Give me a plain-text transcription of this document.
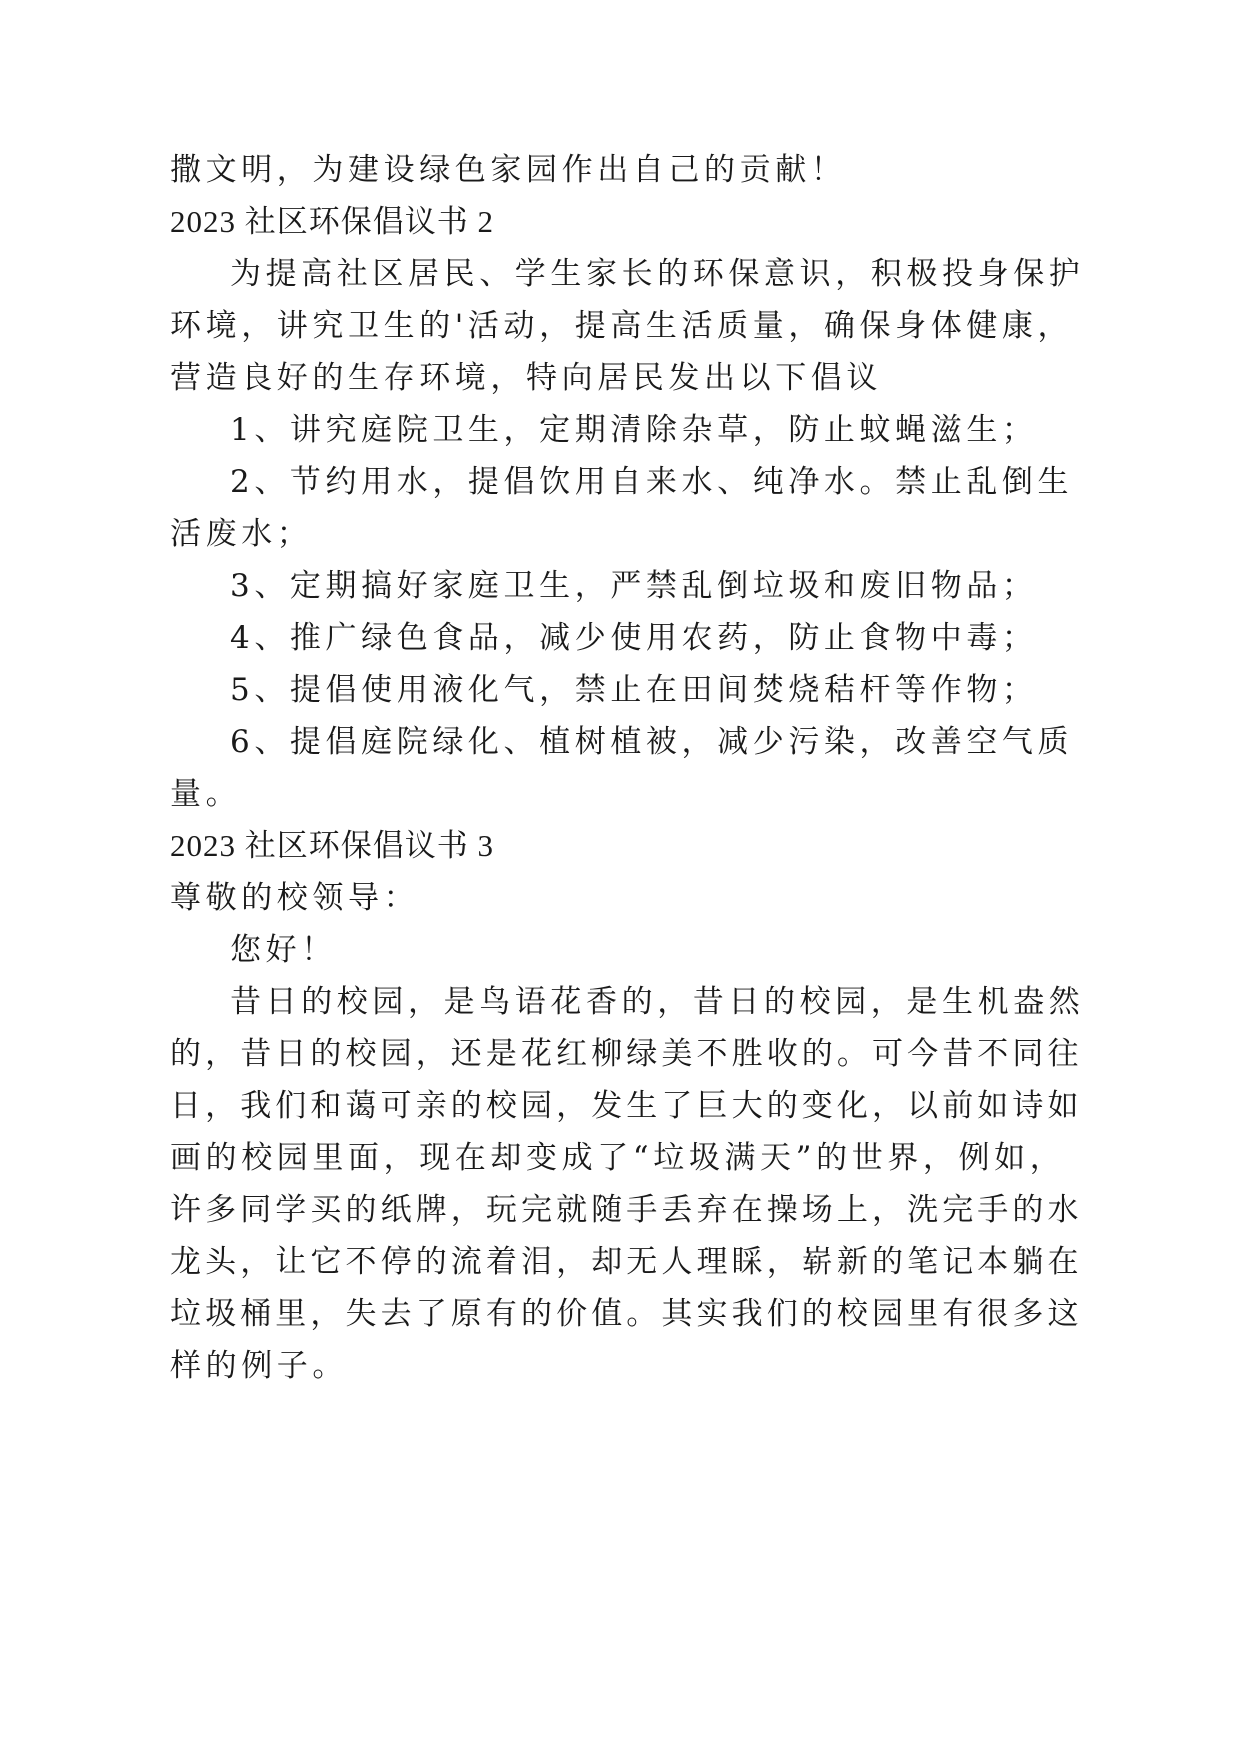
撒文明，为建设绿色家园作出自己的贡献！
2023 社区环保倡议书 2
为提高社区居民、学生家长的环保意识，积极投身保护
环境，讲究卫生的'活动，提高生活质量，确保身体健康，
营造良好的生存环境，特向居民发出以下倡议
1、讲究庭院卫生，定期清除杂草，防止蚊蝇滋生；
2、节约用水，提倡饮用自来水、纯净水。禁止乱倒生
活废水；
3、定期搞好家庭卫生，严禁乱倒垃圾和废旧物品；
4、推广绿色食品，减少使用农药，防止食物中毒；
5、提倡使用液化气，禁止在田间焚烧秸杆等作物；
6、提倡庭院绿化、植树植被，减少污染，改善空气质
量。
2023 社区环保倡议书 3
尊敬的校领导：
您好！
昔日的校园，是鸟语花香的，昔日的校园，是生机盎然
的，昔日的校园，还是花红柳绿美不胜收的。可今昔不同往
日，我们和蔼可亲的校园，发生了巨大的变化，以前如诗如
画的校园里面，现在却变成了“垃圾满天”的世界，例如，
许多同学买的纸牌，玩完就随手丢弃在操场上，洗完手的水
龙头，让它不停的流着泪，却无人理睬，崭新的笔记本躺在
垃圾桶里，失去了原有的价值。其实我们的校园里有很多这
样的例子。
